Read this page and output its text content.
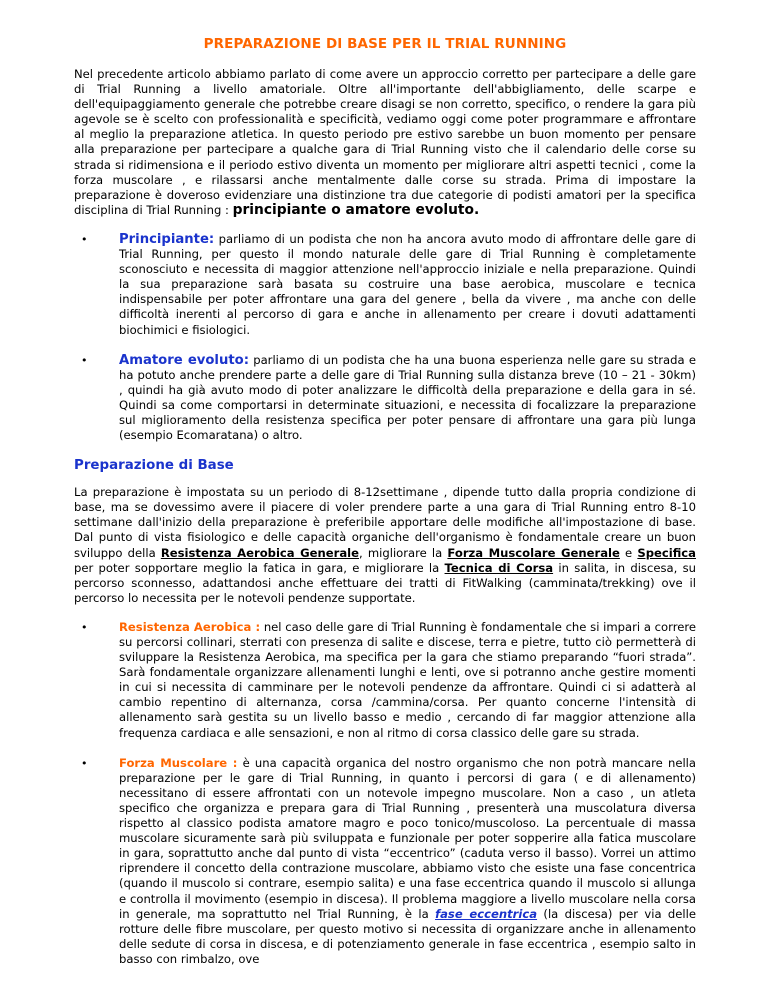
PREPARAZIONE DI BASE PER IL TRIAL RUNNING

Nel precedente articolo abbiamo parlato di come avere un approccio corretto per partecipare a delle gare di Trial Running a livello amatoriale. Oltre all'importante dell'abbigliamento, delle scarpe e dell'equipaggiamento generale che potrebbe creare disagi se non corretto, specifico, o rendere la gara più agevole se è scelto con professionalità e specificità, vediamo oggi come poter programmare e affrontare al meglio la preparazione atletica. In questo periodo pre estivo sarebbe un buon momento per pensare alla preparazione per partecipare a qualche gara di Trial Running visto che il calendario delle corse su strada si ridimensiona e il periodo estivo diventa un momento per migliorare altri aspetti tecnici , come la forza muscolare , e rilassarsi anche mentalmente dalle corse su strada. Prima di impostare la preparazione è doveroso evidenziare una distinzione tra due categorie di podisti amatori per la specifica disciplina di Trial Running : principiante o amatore evoluto.

• Principiante: parliamo di un podista che non ha ancora avuto modo di affrontare delle gare di Trial Running, per questo il mondo naturale delle gare di Trial Running è completamente sconosciuto e necessita di maggior attenzione nell'approccio iniziale e nella preparazione. Quindi la sua preparazione sarà basata su costruire una base aerobica, muscolare e tecnica indispensabile per poter affrontare una gara del genere , bella da vivere , ma anche con delle difficoltà inerenti al percorso di gara e anche in allenamento per creare i dovuti adattamenti biochimici e fisiologici.

• Amatore evoluto: parliamo di un podista che ha una buona esperienza nelle gare su strada e ha potuto anche prendere parte a delle gare di Trial Running sulla distanza breve (10 – 21 - 30km) , quindi ha già avuto modo di poter analizzare le difficoltà della preparazione e della gara in sé. Quindi sa come comportarsi in determinate situazioni, e necessita di focalizzare la preparazione sul miglioramento della resistenza specifica per poter pensare di affrontare una gara più lunga (esempio Ecomaratana) o altro.

Preparazione di Base

La preparazione è impostata su un periodo di 8-12settimane , dipende tutto dalla propria condizione di base, ma se dovessimo avere il piacere di voler prendere parte a una gara di Trial Running entro 8-10 settimane dall'inizio della preparazione è preferibile apportare delle modifiche all'impostazione di base. Dal punto di vista fisiologico e delle capacità organiche dell'organismo è fondamentale creare un buon sviluppo della Resistenza Aerobica Generale, migliorare la Forza Muscolare Generale e Specifica per poter sopportare meglio la fatica in gara, e migliorare la Tecnica di Corsa in salita, in discesa, su percorso sconnesso, adattandosi anche effettuare dei tratti di FitWalking (camminata/trekking) ove il percorso lo necessita per le notevoli pendenze supportate.

•	Resistenza Aerobica : nel caso delle gare di Trial Running è fondamentale che si impari a correre su percorsi collinari, sterrati con presenza di salite e discese, terra e pietre, tutto ciò permetterà di sviluppare la Resistenza Aerobica, ma specifica per la gara che stiamo preparando “fuori strada”. Sarà fondamentale organizzare allenamenti lunghi e lenti, ove si potranno anche gestire momenti in cui si necessita di camminare per le notevoli pendenze da affrontare. Quindi ci si adatterà al cambio repentino di alternanza, corsa /cammina/corsa. Per quanto concerne l'intensità di allenamento sarà gestita su un livello basso e medio , cercando di far maggior attenzione alla frequenza cardiaca e alle sensazioni, e non al ritmo di corsa classico delle gare su strada.

•	Forza Muscolare : è una capacità organica del nostro organismo che non potrà mancare nella preparazione per le gare di Trial Running, in quanto i percorsi di gara ( e di allenamento) necessitano di essere affrontati con un notevole impegno muscolare. Non a caso , un atleta specifico che organizza e prepara gara di Trial Running , presenterà una muscolatura diversa rispetto al classico podista amatore magro e poco tonico/muscoloso. La percentuale di massa muscolare sicuramente sarà più sviluppata e funzionale per poter sopperire alla fatica muscolare in gara, soprattutto anche dal punto di vista “eccentrico” (caduta verso il basso). Vorrei un attimo riprendere il concetto della contrazione muscolare, abbiamo visto che esiste una fase concentrica (quando il muscolo si contrare, esempio salita) e una fase eccentrica quando il muscolo si allunga e controlla il movimento (esempio in discesa). Il problema maggiore a livello muscolare nella corsa in generale, ma soprattutto nel Trial Running, è la fase eccentrica (la discesa) per via delle rotture delle fibre muscolare, per questo motivo si necessita di organizzare anche in allenamento delle sedute di corsa in discesa, e di potenziamento generale in fase eccentrica , esempio salto in basso con rimbalzo, ove
